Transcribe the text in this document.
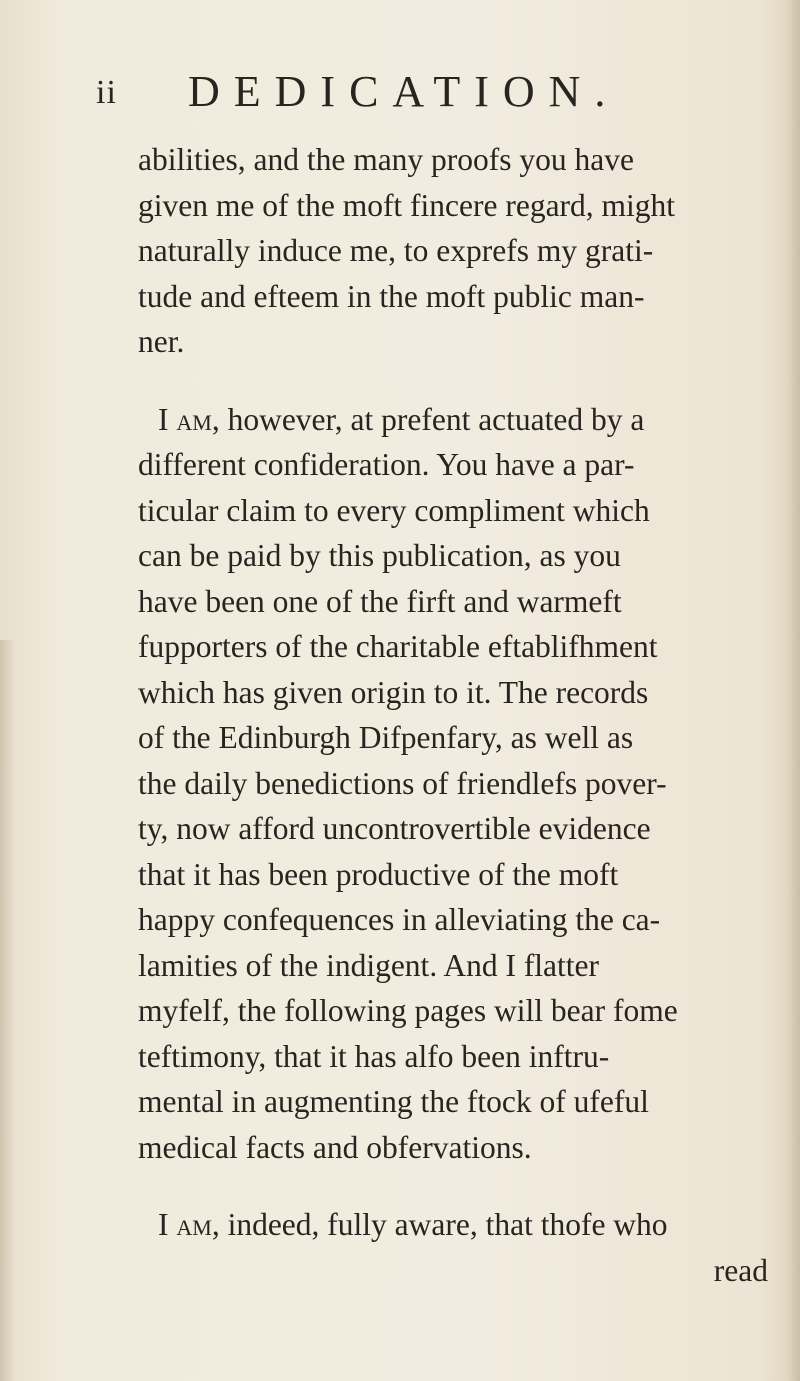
ii DEDICATION.
abilities, and the many proofs you have
given me of the moft fincere regard, might
naturally induce me, to exprefs my grati-
tude and efteem in the moft public man-
ner.
I am, however, at prefent actuated by a
different confideration. You have a par-
ticular claim to every compliment which
can be paid by this publication, as you
have been one of the firft and warmeft
fupporters of the charitable eftablifhment
which has given origin to it. The records
of the Edinburgh Difpenfary, as well as
the daily benedictions of friendlefs pover-
ty, now afford uncontrovertible evidence
that it has been productive of the moft
happy confequences in alleviating the ca-
lamities of the indigent. And I flatter
myfelf, the following pages will bear fome
teftimony, that it has alfo been inftru-
mental in augmenting the ftock of ufeful
medical facts and obfervations.
I am, indeed, fully aware, that thofe who
read
